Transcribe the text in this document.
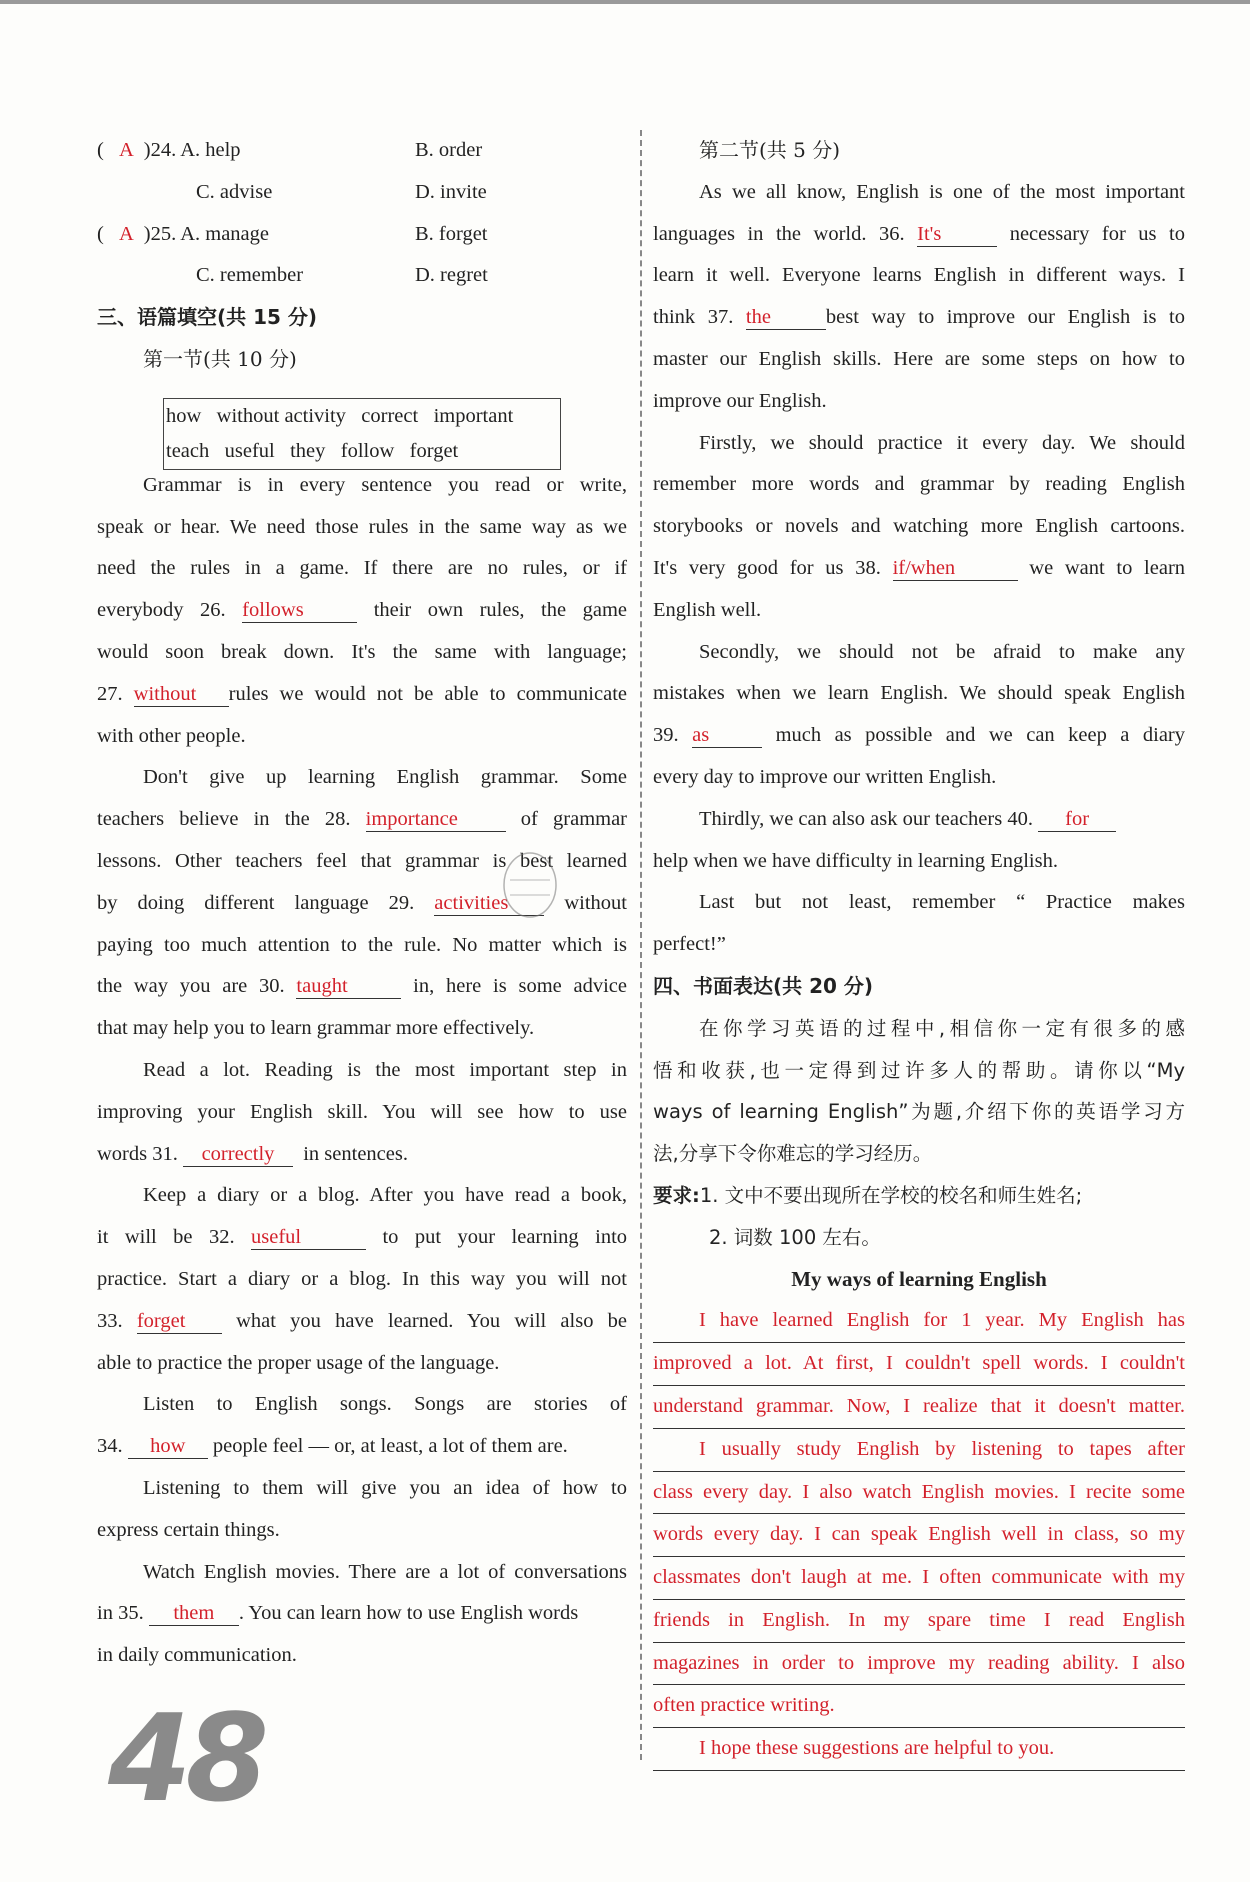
( A )24. A. help	B. order
C. advise	D. invite
( A )25. A. manage	B. forget
C. remember	D. regret
三、语篇填空(共 15 分)
第一节(共 10 分)
Grammar is in every sentence you read or write,
speak or hear. We need those rules in the same way as we
need the rules in a game. If there are no rules, or if
everybody 26. follows	their own rules, the game
would soon break down. It's the same with language;
27. without rules we would not be able to communicate
with other people.
Don't give up learning English grammar. Some
teachers believe in the 28. importance	of grammar
lessons. Other teachers feel that grammar is best learned
by doing different language 29. activities	without
paying too much attention to the rule. No matter which is
the way you are 30. taught	in, here is some advice
that may help you to learn grammar more effectively.
Read a lot. Reading is the most important step in
improving your English skill. You will see how to use
words 31. correctly in sentences.
Keep a diary or a blog. After you have read a book,
it will be 32. useful	to put your learning into
practice. Start a diary or a blog. In this way you will not
33. forget what you have learned. You will also be
able to practice the proper usage of the language.
Listen to English songs. Songs are stories of
34. how people feel — or, at least, a lot of them are.
Listening to them will give you an idea of how to
express certain things.
Watch English movies. There are a lot of conversations
in 35. them . You can learn how to use English words
in daily communication.
how   without activity   correct   important
teach   useful   they   follow   forget
48
第二节(共 5 分)
As we all know, English is one of the most important
languages in the world. 36. It's	necessary for us to
learn it well. Everyone learns English in different ways. I
think 37. the	best way to improve our English is to
master our English skills. Here are some steps on how to
improve our English.
Firstly, we should practice it every day. We should
remember more words and grammar by reading English
storybooks or novels and watching more English cartoons.
It's very good for us 38. if/when	we want to learn
English well.
Secondly, we should not be afraid to make any
mistakes when we learn English. We should speak English
39. as	much as possible and we can keep a diary
every day to improve our written English.
Thirdly, we can also ask our teachers 40. for
help when we have difficulty in learning English.
Last but not least, remember “ Practice makes
perfect!”
四、书面表达(共 20 分)
在你学习英语的过程中,相信你一定有很多的感
悟和收获,也一定得到过许多人的帮助。请你以“My
ways of learning English”为题,介绍下你的英语学习方
法,分享下令你难忘的学习经历。
要求:1. 文中不要出现所在学校的校名和师生姓名;
2. 词数 100 左右。
My ways of learning English
I have learned English for 1 year. My English has
improved a lot. At first, I couldn't spell words. I couldn't
understand grammar. Now, I realize that it doesn't matter.
I usually study English by listening to tapes after
class every day. I also watch English movies. I recite some
words every day. I can speak English well in class, so my
classmates don't laugh at me. I often communicate with my
friends in English. In my spare time I read English
magazines in order to improve my reading ability. I also
often practice writing.
I hope these suggestions are helpful to you.
